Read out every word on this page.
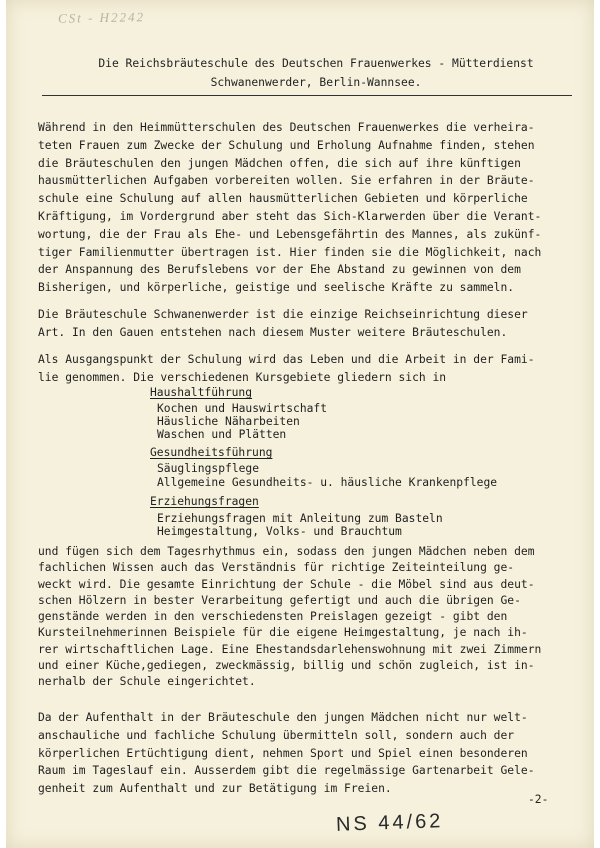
CSt - H2242
Die Reichsbräuteschule des Deutschen Frauenwerkes - Mütterdienst
Schwanenwerder, Berlin-Wannsee.
Während in den Heimmütterschulen des Deutschen Frauenwerkes die verheira-
teten Frauen zum Zwecke der Schulung und Erholung Aufnahme finden, stehen
die Bräuteschulen den jungen Mädchen offen, die sich auf ihre künftigen
hausmütterlichen Aufgaben vorbereiten wollen. Sie erfahren in der Bräute-
schule eine Schulung auf allen hausmütterlichen Gebieten und körperliche
Kräftigung, im Vordergrund aber steht das Sich-Klarwerden über die Verant-
wortung, die der Frau als Ehe- und Lebensgefährtin des Mannes, als zukünf-
tiger Familienmutter übertragen ist. Hier finden sie die Möglichkeit, nach
der Anspannung des Berufslebens vor der Ehe Abstand zu gewinnen von dem
Bisherigen, und körperliche, geistige und seelische Kräfte zu sammeln.
Die Bräuteschule Schwanenwerder ist die einzige Reichseinrichtung dieser
Art. In den Gauen entstehen nach diesem Muster weitere Bräuteschulen.
Als Ausgangspunkt der Schulung wird das Leben und die Arbeit in der Fami-
lie genommen. Die verschiedenen Kursgebiete gliedern sich in
Haushaltführung
Kochen und Hauswirtschaft
Häusliche Näharbeiten
Waschen und Plätten
Gesundheitsführung
Säuglingspflege
Allgemeine Gesundheits- u. häusliche Krankenpflege
Erziehungsfragen
Erziehungsfragen mit Anleitung zum Basteln
Heimgestaltung, Volks- und Brauchtum
und fügen sich dem Tagesrhythmus ein, sodass den jungen Mädchen neben dem
fachlichen Wissen auch das Verständnis für richtige Zeiteinteilung ge-
weckt wird. Die gesamte Einrichtung der Schule - die Möbel sind aus deut-
schen Hölzern in bester Verarbeitung gefertigt und auch die übrigen Ge-
genstände werden in den verschiedensten Preislagen gezeigt - gibt den
Kursteilnehmerinnen Beispiele für die eigene Heimgestaltung, je nach ih-
rer wirtschaftlichen Lage. Eine Ehestandsdarlehenswohnung mit zwei Zimmern
und einer Küche,gediegen, zweckmässig, billig und schön zugleich, ist in-
nerhalb der Schule eingerichtet.
Da der Aufenthalt in der Bräuteschule den jungen Mädchen nicht nur welt-
anschauliche und fachliche Schulung übermitteln soll, sondern auch der
körperlichen Ertüchtigung dient, nehmen Sport und Spiel einen besonderen
Raum im Tageslauf ein. Ausserdem gibt die regelmässige Gartenarbeit Gele-
genheit zum Aufenthalt und zur Betätigung im Freien.
-2-
NS 44/62
